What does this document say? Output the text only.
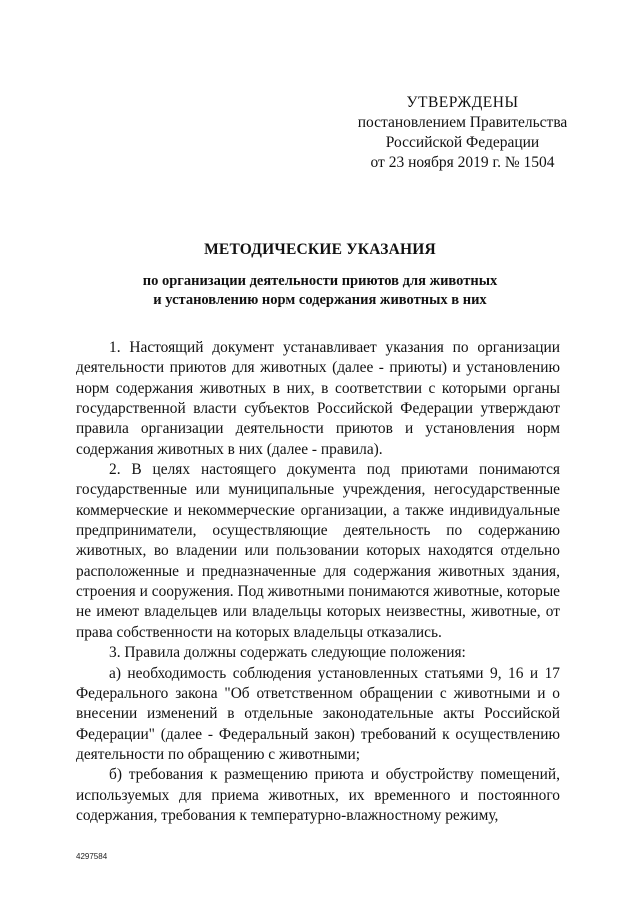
УТВЕРЖДЕНЫ
постановлением Правительства
Российской Федерации
от 23 ноября 2019 г. № 1504
МЕТОДИЧЕСКИЕ УКАЗАНИЯ
по организации деятельности приютов для животных
и установлению норм содержания животных в них

1. Настоящий документ устанавливает указания по организации деятельности приютов для животных (далее - приюты) и установлению норм содержания животных в них, в соответствии с которыми органы государственной власти субъектов Российской Федерации утверждают правила организации деятельности приютов и установления норм содержания животных в них (далее - правила).

2. В целях настоящего документа под приютами понимаются государственные или муниципальные учреждения, негосударственные коммерческие и некоммерческие организации, а также индивидуальные предприниматели, осуществляющие деятельность по содержанию животных, во владении или пользовании которых находятся отдельно расположенные и предназначенные для содержания животных здания, строения и сооружения. Под животными понимаются животные, которые не имеют владельцев или владельцы которых неизвестны, животные, от права собственности на которых владельцы отказались.

3. Правила должны содержать следующие положения:

а) необходимость соблюдения установленных статьями 9, 16 и 17 Федерального закона "Об ответственном обращении с животными и о внесении изменений в отдельные законодательные акты Российской Федерации" (далее - Федеральный закон) требований к осуществлению деятельности по обращению с животными;

б) требования к размещению приюта и обустройству помещений, используемых для приема животных, их временного и постоянного содержания, требования к температурно-влажностному режиму,

4297584
